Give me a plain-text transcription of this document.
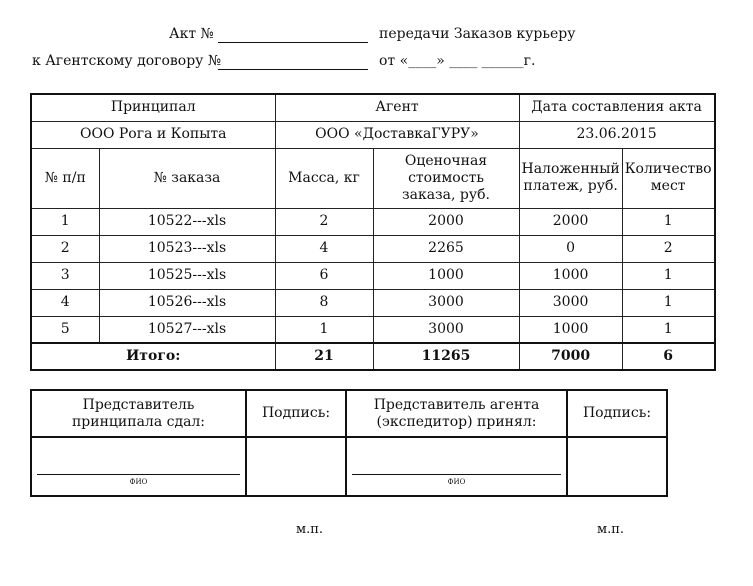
Акт №	передачи Заказов курьеру
к Агентскому договору №	от «____» ____ ______г.
Принципал		Агент		Дата составления акта	
ООО Рога и Копыта		ООО «ДоставкаГУРУ»		23.06.2015	
№ п/п	№ заказа	Масса, кг	Оценочная стоимость заказа, руб.	Наложенный платеж, руб.	Количество мест
1	10522---xls	2	2000	2000	1
2	10523---xls	4	2265	0	2
3	10525---xls	6	1000	1000	1
4	10526---xls	8	3000	3000	1
5	10527---xls	1	3000	1000	1
Итого:		21	11265	7000	6
Представитель принципала сдал:	Подпись:	Представитель агента (экспедитор) принял:	Подпись:

ФИО		ФИО	

м.п.	м.п.
